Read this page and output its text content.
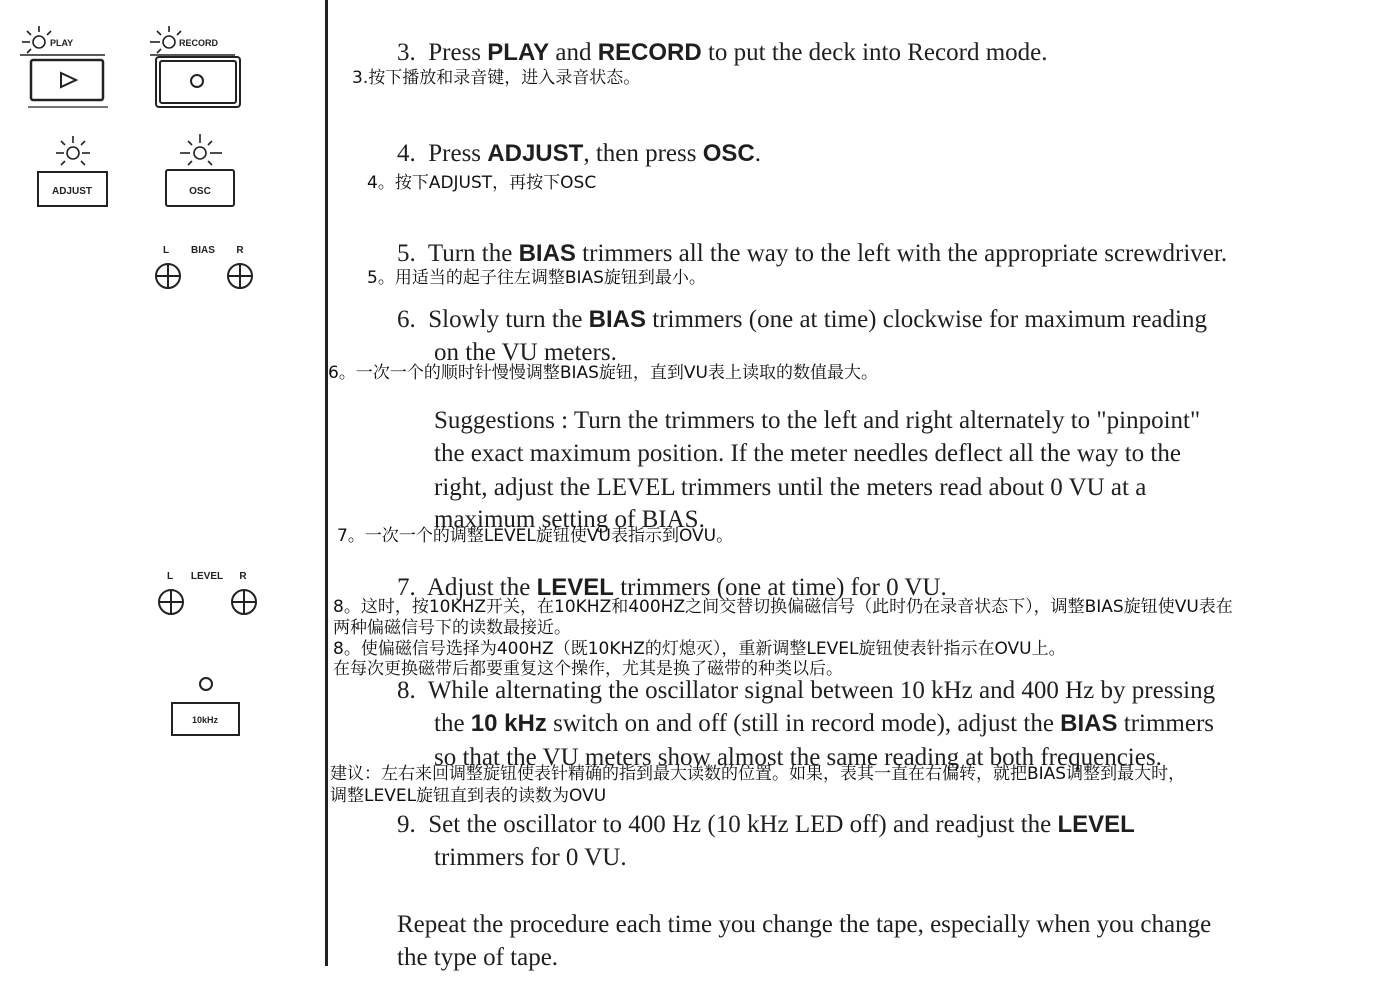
PLAY	RECORD
ADJUST	OSC
L BIAS R
L LEVEL R
10kHz
3. Press PLAY and RECORD to put the deck into Record mode.
3.按下播放和录音键，进入录音状态。
4. Press ADJUST, then press OSC.
4。按下ADJUST，再按下OSC
5. Turn the BIAS trimmers all the way to the left with the appropriate screwdriver.
5。用适当的起子往左调整BIAS旋钮到最小。
6. Slowly turn the BIAS trimmers (one at time) clockwise for maximum reading
on the VU meters.
6。一次一个的顺时针慢慢调整BIAS旋钮，直到VU表上读取的数值最大。
Suggestions : Turn the trimmers to the left and right alternately to "pinpoint"
the exact maximum position. If the meter needles deflect all the way to the
right, adjust the LEVEL trimmers until the meters read about 0 VU at a
maximum setting of BIAS.
7。一次一个的调整LEVEL旋钮使VU表指示到OVU。
7. Adjust the LEVEL trimmers (one at time) for 0 VU.
8。这时，按10KHZ开关，在10KHZ和400HZ之间交替切换偏磁信号（此时仍在录音状态下），调整BIAS旋钮使VU表在
两种偏磁信号下的读数最接近。
8。使偏磁信号选择为400HZ（既10KHZ的灯熄灭），重新调整LEVEL旋钮使表针指示在OVU上。
在每次更换磁带后都要重复这个操作，尤其是换了磁带的种类以后。
8. While alternating the oscillator signal between 10 kHz and 400 Hz by pressing
the 10 kHz switch on and off (still in record mode), adjust the BIAS trimmers
so that the VU meters show almost the same reading at both frequencies.
建议：左右来回调整旋钮使表针精确的指到最大读数的位置。如果，表其一直在右偏转，就把BIAS调整到最大时，
调整LEVEL旋钮直到表的读数为OVU
9. Set the oscillator to 400 Hz (10 kHz LED off) and readjust the LEVEL
trimmers for 0 VU.
Repeat the procedure each time you change the tape, especially when you change
the type of tape.
